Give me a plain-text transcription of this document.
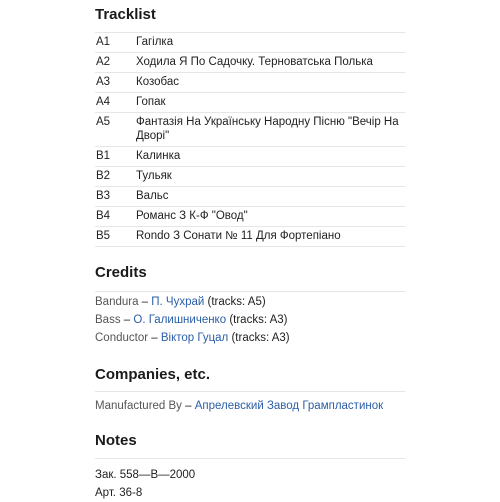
Tracklist
A1	Гагілка
A2	Ходила Я По Садочку. Терноватська Полька
A3	Козобас
A4	Гопак
A5	Фантазія На Українську Народну Пісню "Вечір На Дворі"
B1	Калинка
B2	Тульяк
B3	Вальс
B4	Романс З К-Ф "Овод"
B5	Rondo З Сонати № 11 Для Фортепіано
Credits
Bandura – П. Чухрай (tracks: A5)
Bass – О. Галишниченко (tracks: A3)
Conductor – Віктор Гуцал (tracks: A3)
Companies, etc.
Manufactured By – Апрелевский Завод Грампластинок
Notes
Зак. 558—В—2000
Арт. 36-8
